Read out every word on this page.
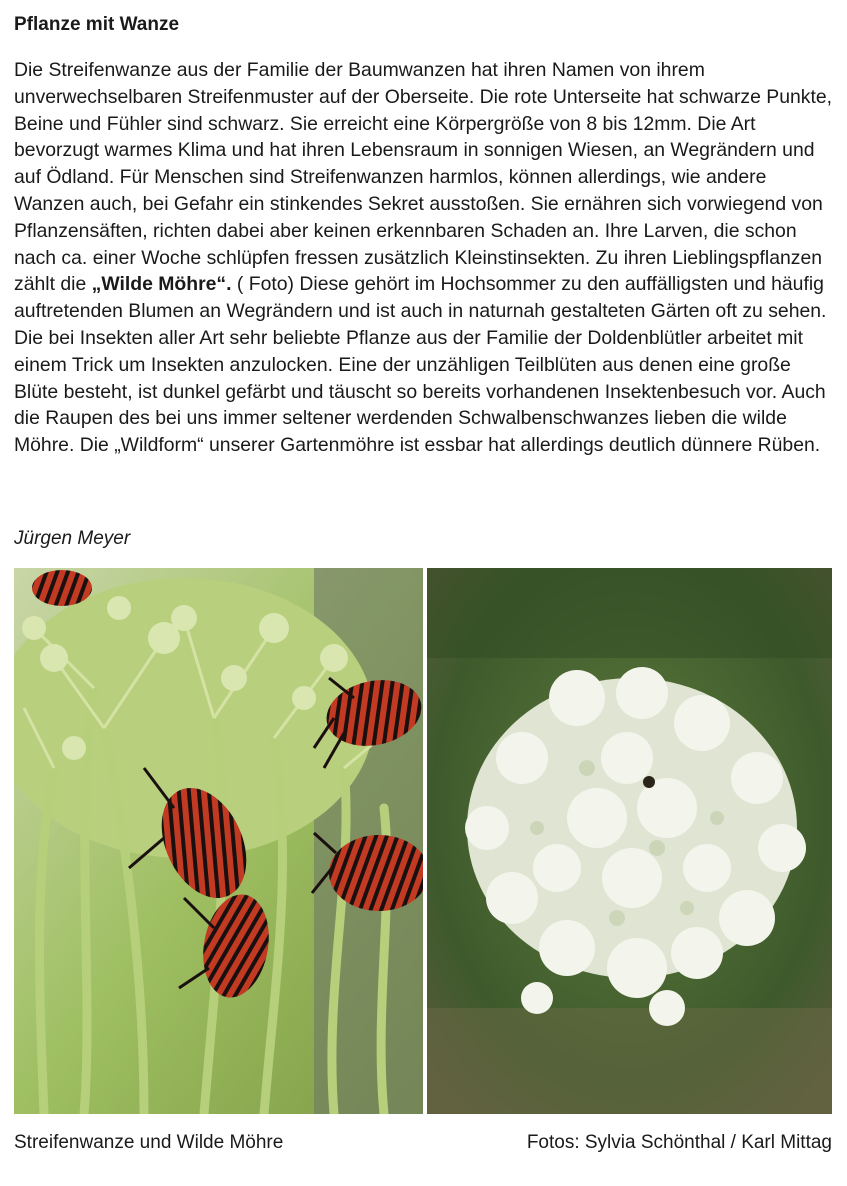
Pflanze mit Wanze

Die Streifenwanze aus der Familie der Baumwanzen hat ihren Namen von ihrem unverwechselbaren Streifenmuster auf der Oberseite. Die rote Unterseite hat schwarze Punkte, Beine und Fühler sind schwarz. Sie erreicht eine Körpergröße von 8 bis 12mm. Die Art bevorzugt warmes Klima und hat ihren Lebensraum in sonnigen Wiesen, an Wegrändern und auf Ödland. Für Menschen sind Streifenwanzen harmlos, können allerdings, wie andere Wanzen auch, bei Gefahr ein stinkendes Sekret ausstoßen. Sie ernähren sich vorwiegend von Pflanzensäften, richten dabei aber keinen erkennbaren Schaden an. Ihre Larven, die schon nach ca. einer Woche schlüpfen fressen zusätzlich Kleinstinsekten. Zu ihren Lieblingspflanzen zählt die „Wilde Möhre“. ( Foto) Diese gehört im Hochsommer zu den auffälligsten und häufig auftretenden Blumen an Wegrändern und ist auch in naturnah gestalteten Gärten oft zu sehen. Die bei Insekten aller Art sehr beliebte Pflanze aus der Familie der Doldenblütler arbeitet mit einem Trick um Insekten anzulocken. Eine der unzähligen Teilblüten aus denen eine große Blüte besteht, ist dunkel gefärbt und täuscht so bereits vorhandenen Insektenbesuch vor. Auch die Raupen des bei uns immer seltener werdenden Schwalbenschwanzes lieben die wilde Möhre. Die „Wildform“ unserer Gartenmöhre ist essbar hat allerdings deutlich dünnere Rüben.

Jürgen Meyer

Streifenwanze und Wilde Möhre	Fotos: Sylvia Schönthal / Karl Mittag
